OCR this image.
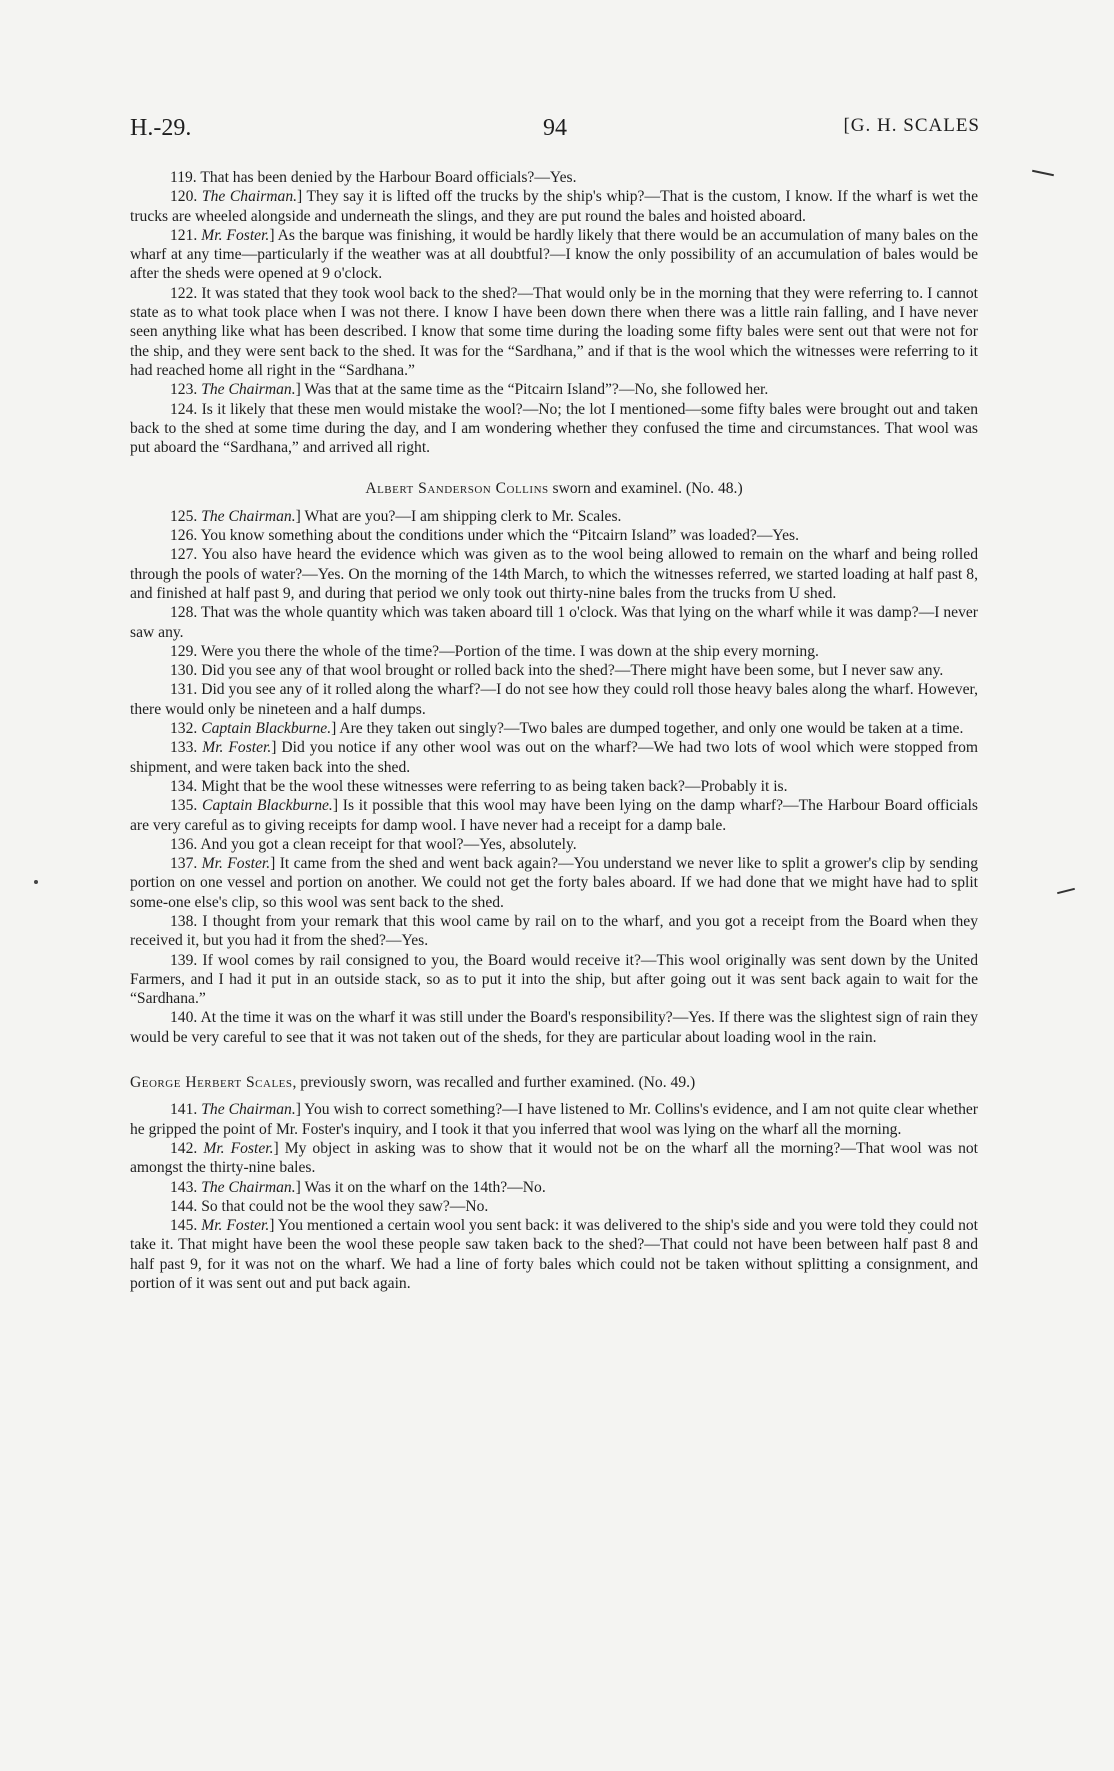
H.-29.	94	[G. H. SCALES

119. That has been denied by the Harbour Board officials?—Yes.

120. The Chairman.] They say it is lifted off the trucks by the ship's whip?—That is the custom, I know. If the wharf is wet the trucks are wheeled alongside and underneath the slings, and they are put round the bales and hoisted aboard.

121. Mr. Foster.] As the barque was finishing, it would be hardly likely that there would be an accumulation of many bales on the wharf at any time—particularly if the weather was at all doubtful?—I know the only possibility of an accumulation of bales would be after the sheds were opened at 9 o'clock.

122. It was stated that they took wool back to the shed?—That would only be in the morning that they were referring to. I cannot state as to what took place when I was not there. I know I have been down there when there was a little rain falling, and I have never seen anything like what has been described. I know that some time during the loading some fifty bales were sent out that were not for the ship, and they were sent back to the shed. It was for the “Sardhana,” and if that is the wool which the witnesses were referring to it had reached home all right in the “Sardhana.”

123. The Chairman.] Was that at the same time as the “Pitcairn Island”?—No, she followed her.

124. Is it likely that these men would mistake the wool?—No; the lot I mentioned—some fifty bales were brought out and taken back to the shed at some time during the day, and I am wondering whether they confused the time and circumstances. That wool was put aboard the “Sardhana,” and arrived all right.

Albert Sanderson Collins sworn and examinel. (No. 48.)

125. The Chairman.] What are you?—I am shipping clerk to Mr. Scales.

126. You know something about the conditions under which the “Pitcairn Island” was loaded?—Yes.

127. You also have heard the evidence which was given as to the wool being allowed to remain on the wharf and being rolled through the pools of water?—Yes. On the morning of the 14th March, to which the witnesses referred, we started loading at half past 8, and finished at half past 9, and during that period we only took out thirty-nine bales from the trucks from U shed.

128. That was the whole quantity which was taken aboard till 1 o'clock. Was that lying on the wharf while it was damp?—I never saw any.

129. Were you there the whole of the time?—Portion of the time. I was down at the ship every morning.

130. Did you see any of that wool brought or rolled back into the shed?—There might have been some, but I never saw any.

131. Did you see any of it rolled along the wharf?—I do not see how they could roll those heavy bales along the wharf. However, there would only be nineteen and a half dumps.

132. Captain Blackburne.] Are they taken out singly?—Two bales are dumped together, and only one would be taken at a time.

133. Mr. Foster.] Did you notice if any other wool was out on the wharf?—We had two lots of wool which were stopped from shipment, and were taken back into the shed.

134. Might that be the wool these witnesses were referring to as being taken back?—Probably it is.

135. Captain Blackburne.] Is it possible that this wool may have been lying on the damp wharf?—The Harbour Board officials are very careful as to giving receipts for damp wool. I have never had a receipt for a damp bale.

136. And you got a clean receipt for that wool?—Yes, absolutely.

137. Mr. Foster.] It came from the shed and went back again?—You understand we never like to split a grower's clip by sending portion on one vessel and portion on another. We could not get the forty bales aboard. If we had done that we might have had to split some-one else's clip, so this wool was sent back to the shed.

138. I thought from your remark that this wool came by rail on to the wharf, and you got a receipt from the Board when they received it, but you had it from the shed?—Yes.

139. If wool comes by rail consigned to you, the Board would receive it?—This wool originally was sent down by the United Farmers, and I had it put in an outside stack, so as to put it into the ship, but after going out it was sent back again to wait for the “Sardhana.”

140. At the time it was on the wharf it was still under the Board's responsibility?—Yes. If there was the slightest sign of rain they would be very careful to see that it was not taken out of the sheds, for they are particular about loading wool in the rain.

George Herbert Scales, previously sworn, was recalled and further examined. (No. 49.)

141. The Chairman.] You wish to correct something?—I have listened to Mr. Collins's evidence, and I am not quite clear whether he gripped the point of Mr. Foster's inquiry, and I took it that you inferred that wool was lying on the wharf all the morning.

142. Mr. Foster.] My object in asking was to show that it would not be on the wharf all the morning?—That wool was not amongst the thirty-nine bales.

143. The Chairman.] Was it on the wharf on the 14th?—No.

144. So that could not be the wool they saw?—No.

145. Mr. Foster.] You mentioned a certain wool you sent back: it was delivered to the ship's side and you were told they could not take it. That might have been the wool these people saw taken back to the shed?—That could not have been between half past 8 and half past 9, for it was not on the wharf. We had a line of forty bales which could not be taken without splitting a consignment, and portion of it was sent out and put back again.
